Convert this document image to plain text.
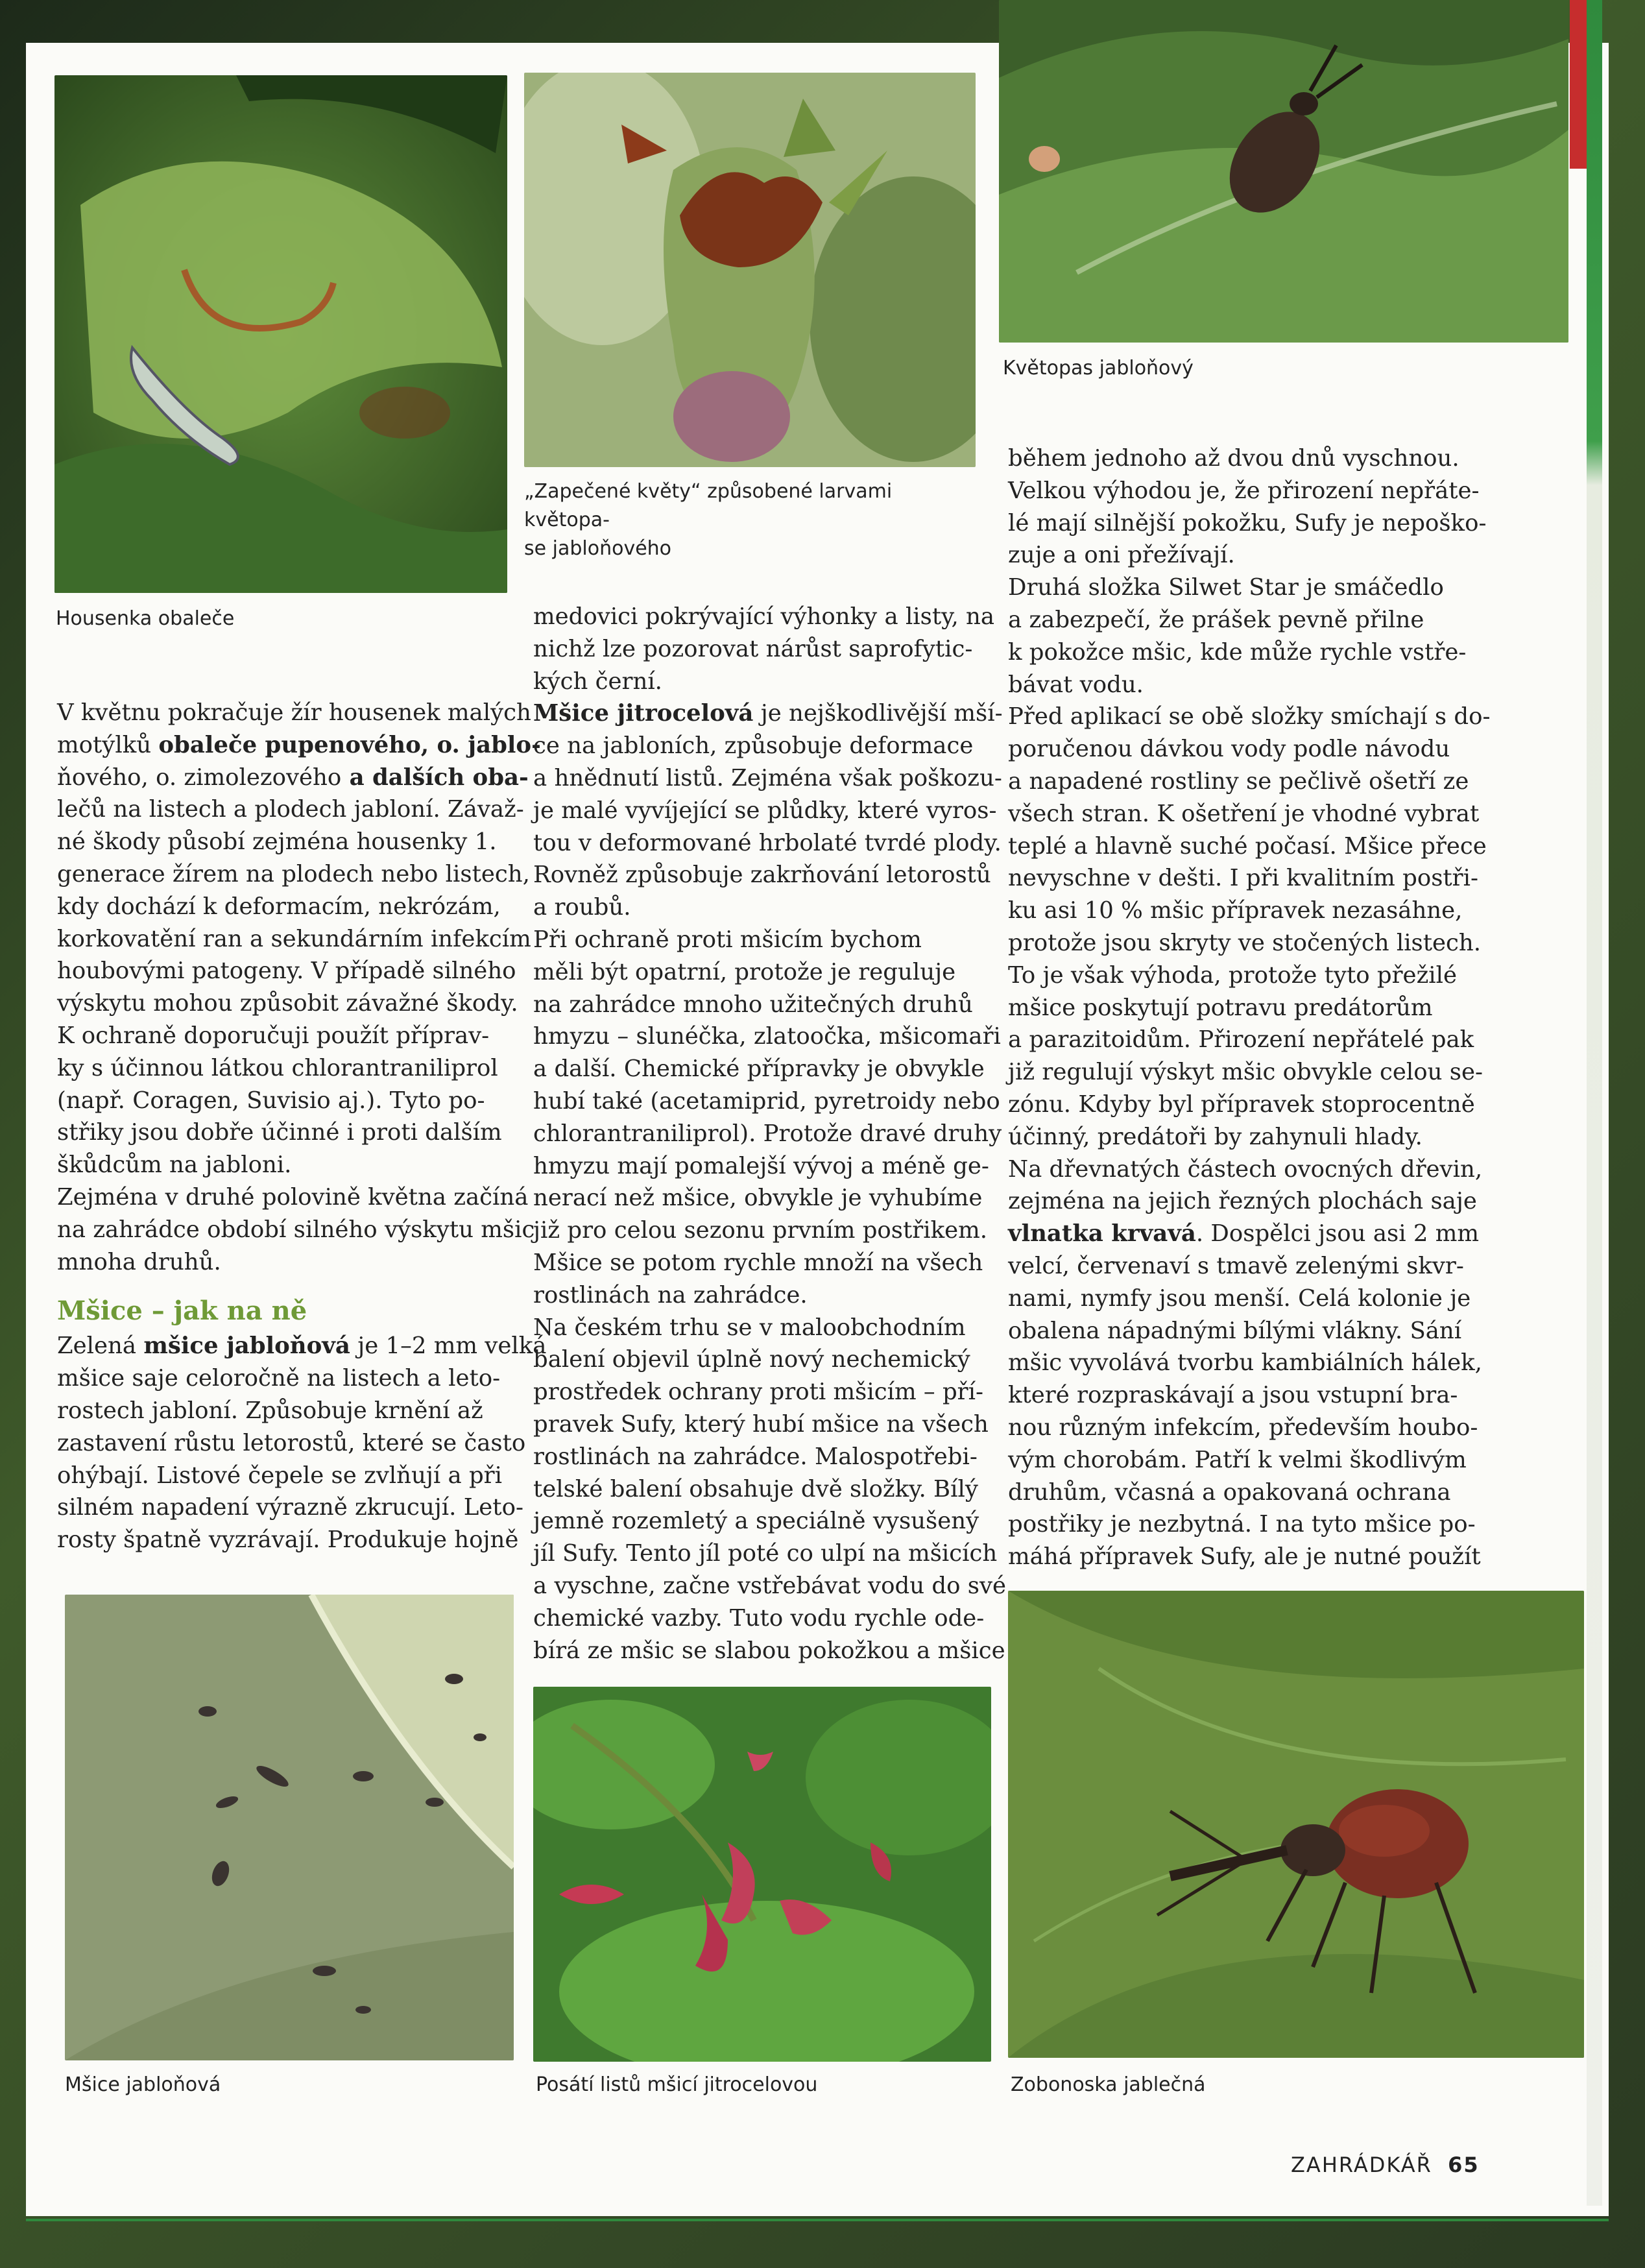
„Zapečené květy“ způsobené larvami květopa-
se jabloňového
Květopas jabloňový
Housenka obaleče
V květnu pokračuje žír housenek malých
motýlků obaleče pupenového, o. jablo-
ňového, o. zimolezového a dalších oba-
lečů na listech a plodech jabloní. Závaž-
né škody působí zejména housenky 1.
generace žírem na plodech nebo listech,
kdy dochází k deformacím, nekrózám,
korkovatění ran a sekundárním infekcím
houbovými patogeny. V případě silného
výskytu mohou způsobit závažné škody.
K ochraně doporučuji použít příprav-
ky s účinnou látkou chlorantraniliprol
(např. Coragen, Suvisio aj.). Tyto po-
střiky jsou dobře účinné i proti dalším
škůdcům na jabloni.
Zejména v druhé polovině května začíná
na zahrádce období silného výskytu mšic
mnoha druhů.
Mšice – jak na ně
Zelená mšice jabloňová je 1–2 mm velká
mšice saje celoročně na listech a leto-
rostech jabloní. Způsobuje krnění až
zastavení růstu letorostů, které se často
ohýbají. Listové čepele se zvlňují a při
silném napadení výrazně zkrucují. Leto-
rosty špatně vyzrávají. Produkuje hojně
medovici pokrývající výhonky a listy, na
nichž lze pozorovat nárůst saprofytic-
kých černí.
Mšice jitrocelová je nejškodlivější mší-
ce na jabloních, způsobuje deformace
a hnědnutí listů. Zejména však poškozu-
je malé vyvíjející se plůdky, které vyros-
tou v deformované hrbolaté tvrdé plody.
Rovněž způsobuje zakrňování letorostů
a roubů.
Při ochraně proti mšicím bychom
měli být opatrní, protože je reguluje
na zahrádce mnoho užitečných druhů
hmyzu – slunéčka, zlatoočka, mšicomaři
a další. Chemické přípravky je obvykle
hubí také (acetamiprid, pyretroidy nebo
chlorantraniliprol). Protože dravé druhy
hmyzu mají pomalejší vývoj a méně ge-
nerací než mšice, obvykle je vyhubíme
již pro celou sezonu prvním postřikem.
Mšice se potom rychle množí na všech
rostlinách na zahrádce.
Na českém trhu se v maloobchodním
balení objevil úplně nový nechemický
prostředek ochrany proti mšicím – pří-
pravek Sufy, který hubí mšice na všech
rostlinách na zahrádce. Malospotřebi-
telské balení obsahuje dvě složky. Bílý
jemně rozemletý a speciálně vysušený
jíl Sufy. Tento jíl poté co ulpí na mšicích
a vyschne, začne vstřebávat vodu do své
chemické vazby. Tuto vodu rychle ode-
bírá ze mšic se slabou pokožkou a mšice
během jednoho až dvou dnů vyschnou.
Velkou výhodou je, že přirození nepřáte-
lé mají silnější pokožku, Sufy je nepoško-
zuje a oni přežívají.
Druhá složka Silwet Star je smáčedlo
a zabezpečí, že prášek pevně přilne
k pokožce mšic, kde může rychle vstře-
bávat vodu.
Před aplikací se obě složky smíchají s do-
poručenou dávkou vody podle návodu
a napadené rostliny se pečlivě ošetří ze
všech stran. K ošetření je vhodné vybrat
teplé a hlavně suché počasí. Mšice přece
nevyschne v dešti. I při kvalitním postři-
ku asi 10 % mšic přípravek nezasáhne,
protože jsou skryty ve stočených listech.
To je však výhoda, protože tyto přežilé
mšice poskytují potravu predátorům
a parazitoidům. Přirození nepřátelé pak
již regulují výskyt mšic obvykle celou se-
zónu. Kdyby byl přípravek stoprocentně
účinný, predátoři by zahynuli hlady.
Na dřevnatých částech ovocných dřevin,
zejména na jejich řezných plochách saje
vlnatka krvavá. Dospělci jsou asi 2 mm
velcí, červenaví s tmavě zelenými skvr-
nami, nymfy jsou menší. Celá kolonie je
obalena nápadnými bílými vlákny. Sání
mšic vyvolává tvorbu kambiálních hálek,
které rozpraskávají a jsou vstupní bra-
nou různým infekcím, především houbo-
vým chorobám. Patří k velmi škodlivým
druhům, včasná a opakovaná ochrana
postřiky je nezbytná. I na tyto mšice po-
máhá přípravek Sufy, ale je nutné použít
Mšice jabloňová	Posátí listů mšicí jitrocelovou	Zobonoska jablečná
ZAHRÁDKÁŘ 65
